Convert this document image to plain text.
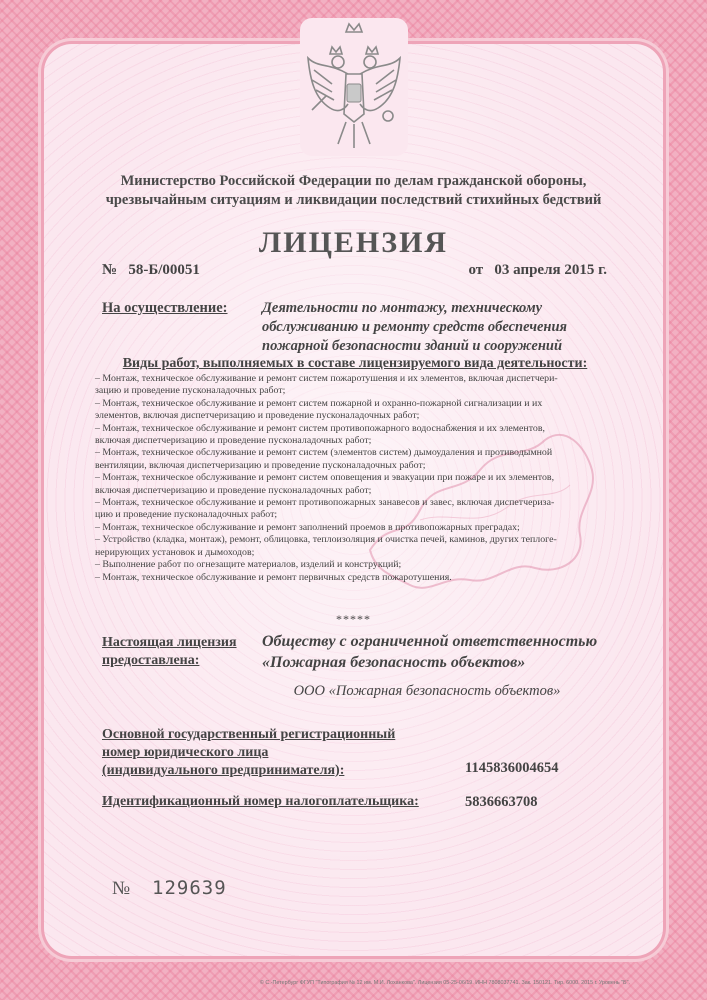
Министерство Российской Федерации по делам гражданской обороны,
чрезвычайным ситуациям и ликвидации последствий стихийных бедствий
ЛИЦЕНЗИЯ
№ 58-Б/00051	от 03 апреля 2015 г.
На осуществление: Деятельности по монтажу, техническому
обслуживанию и ремонту средств обеспечения
пожарной безопасности зданий и сооружений
Виды работ, выполняемых в составе лицензируемого вида деятельности:
– Монтаж, техническое обслуживание и ремонт систем пожаротушения и их элементов, включая диспетчери-
зацию и проведение пусконаладочных работ;
– Монтаж, техническое обслуживание и ремонт систем пожарной и охранно-пожарной сигнализации и их
элементов, включая диспетчеризацию и проведение пусконаладочных работ;
– Монтаж, техническое обслуживание и ремонт систем противопожарного водоснабжения и их элементов,
включая диспетчеризацию и проведение пусконаладочных работ;
– Монтаж, техническое обслуживание и ремонт систем (элементов систем) дымоудаления и противодымной
вентиляции, включая диспетчеризацию и проведение пусконаладочных работ;
– Монтаж, техническое обслуживание и ремонт систем оповещения и эвакуации при пожаре и их элементов,
включая диспетчеризацию и проведение пусконаладочных работ;
– Монтаж, техническое обслуживание и ремонт противопожарных занавесов и завес, включая диспетчериза-
цию и проведение пусконаладочных работ;
– Монтаж, техническое обслуживание и ремонт заполнений проемов в противопожарных преградах;
– Устройство (кладка, монтаж), ремонт, облицовка, теплоизоляция и очистка печей, каминов, других теплоге-
нерирующих установок и дымоходов;
– Выполнение работ по огнезащите материалов, изделий и конструкций;
– Монтаж, техническое обслуживание и ремонт первичных средств пожаротушения.
*****
Настоящая лицензия
предоставлена:
Обществу с ограниченной ответственностью
«Пожарная безопасность объектов»
ООО «Пожарная безопасность объектов»
Основной государственный регистрационный
номер юридического лица
(индивидуального предпринимателя):	1145836004654
Идентификационный номер налогоплательщика:	5836663708
№ 129639
© С.-Петербург ФГУП "Типография № 12 им. М.И. Лоханкова". Лицензия 05-25-06/19. ИНН 7808037741. Зак. 150121. Тир. 6000. 2015 г. Уровень "Б".
